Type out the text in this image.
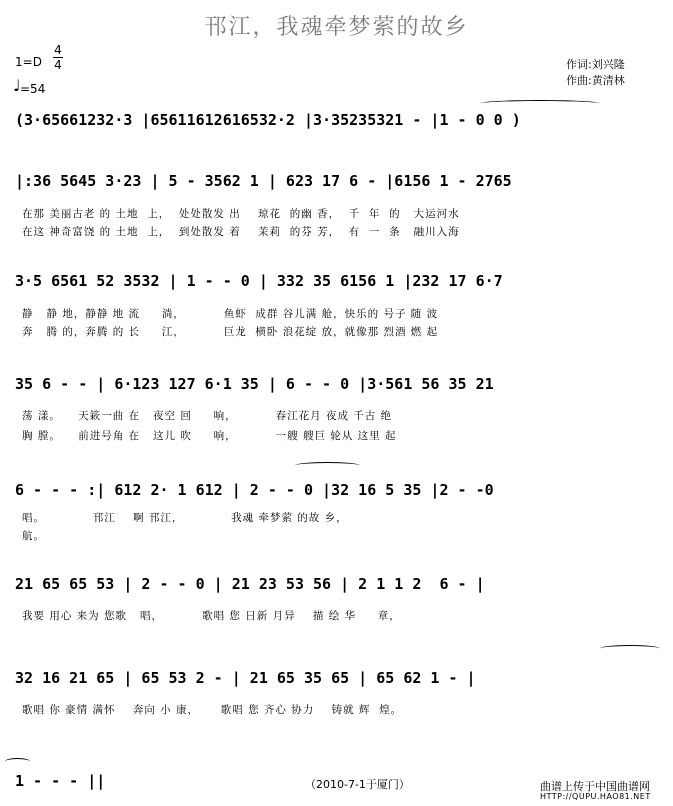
邗江，我魂牵梦萦的故乡
1=D
4
4
♩ =54
作词:刘兴隆
作曲:黄清林
(3·65661232·3 |65611612616532·2 |3·35235321 - |1 - 0 0 )
|:36 5645 3·23 | 5 - 3562 1 | 623 17 6 - |6156 1 - 2765
在那 美丽古老 的 土地  上，  处处散发 出    琼花  的幽 香，  千  年  的   大运河水
在这 神奇富饶 的 土地  上，  到处散发 着    茉莉  的芬 芳，  有  一  条   融川入海
3·5 6561 52 3532 | 1 - - 0 | 332 35 6156 1 |232 17 6·7
静   静 地，静静 地 流     淌，         鱼虾  成群 谷儿满 舱，快乐的 号子 随 波
奔   腾 的，奔腾 的 长     江，         巨龙  横卧 浪花绽 放，就像那 烈酒 燃 起
35 6 - - | 6·123 127 6·1 35 | 6 - - 0 |3·561 56 35 21
荡 漾。    天簌一曲 在   夜空 回     响，         春江花月 夜成 千古 绝
胸 膛。    前进号角 在   这儿 吹     响，         一艘 艘巨 轮从 这里 起
6 - - - :| 612 2· 1 612 | 2 - - 0 |32 16 5 35 |2 - -0
唱。           邗江    啊 邗江，           我魂 牵梦萦 的故 乡，
航。
21 65 65 53 | 2 - - 0 | 21 23 53 56 | 2 1 1 2  6 - |
我要 用心 来为 您歌   唱，         歌唱 您 日新 月异    描 绘 华     章，
32 16 21 65 | 65 53 2 - | 21 65 35 65 | 65 62 1 - |
歌唱 你 豪情 满怀    奔向 小 康，     歌唱 您 齐心 协力    铸就 辉  煌。
1 - - - ||	（2010-7-1于厦门）	曲谱上传于中国曲谱网
HTTP://QUPU.HAO81.NET
